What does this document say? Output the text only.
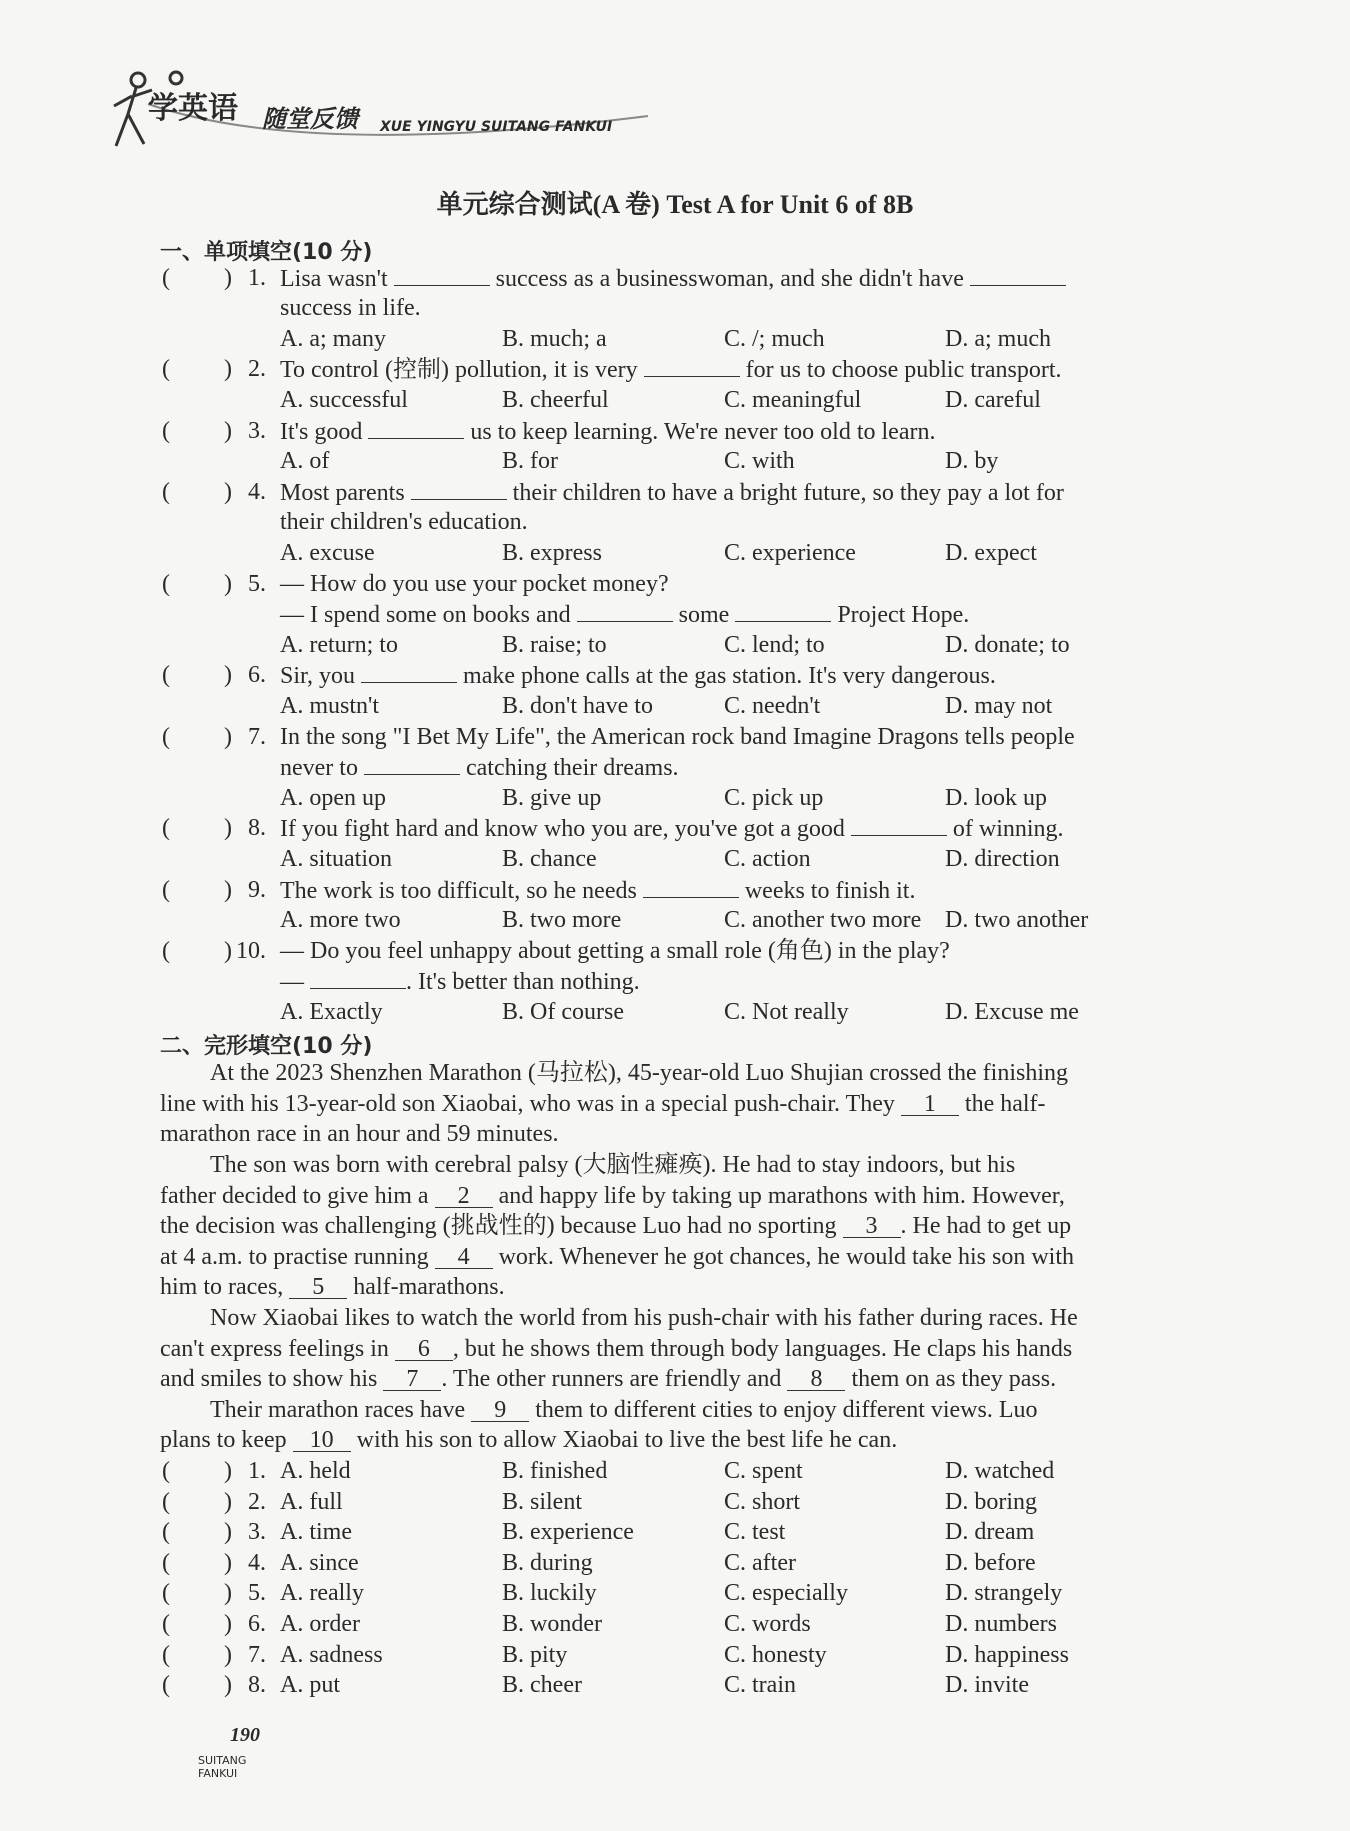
学英语 随堂反馈 XUE YINGYU SUITANG FANKUI
单元综合测试(A 卷) Test A for Unit 6 of 8B
一、单项填空(10 分)
( ) 1. Lisa wasn't	success as a businesswoman, and she didn't have
success in life.
A. a; many	B. much; a	C. /; much	D. a; much
( ) 2. To control (控制) pollution, it is very	for us to choose public transport.
A. successful	B. cheerful	C. meaningful	D. careful
( ) 3. It's good	us to keep learning. We're never too old to learn.
A. of	B. for	C. with	D. by
( ) 4. Most parents	their children to have a bright future, so they pay a lot for
their children's education.
A. excuse	B. express	C. experience	D. expect
( ) 5. — How do you use your pocket money?
— I spend some on books and	some	Project Hope.
A. return; to	B. raise; to	C. lend; to	D. donate; to
( ) 6. Sir, you	make phone calls at the gas station. It's very dangerous.
A. mustn't	B. don't have to	C. needn't	D. may not
( ) 7. In the song "I Bet My Life", the American rock band Imagine Dragons tells people
never to	catching their dreams.
A. open up	B. give up	C. pick up	D. look up
( ) 8. If you fight hard and know who you are, you've got a good	of winning.
A. situation	B. chance	C. action	D. direction
( ) 9. The work is too difficult, so he needs	weeks to finish it.
A. more two	B. two more	C. another two more D. two another
( ) 10. — Do you feel unhappy about getting a small role (角色) in the play?
—	. It's better than nothing.
A. Exactly	B. Of course	C. Not really	D. Excuse me
二、完形填空(10 分)
At the 2023 Shenzhen Marathon (马拉松), 45-year-old Luo Shujian crossed the finishing
line with his 13-year-old son Xiaobai, who was in a special push-chair. They 1 the half-
marathon race in an hour and 59 minutes.
The son was born with cerebral palsy (大脑性瘫痪). He had to stay indoors, but his
father decided to give him a 2 and happy life by taking up marathons with him. However,
the decision was challenging (挑战性的) because Luo had no sporting 3 . He had to get up
at 4 a.m. to practise running 4 work. Whenever he got chances, he would take his son with
him to races, 5 half-marathons.
Now Xiaobai likes to watch the world from his push-chair with his father during races. He
can't express feelings in 6 , but he shows them through body languages. He claps his hands
and smiles to show his 7 . The other runners are friendly and 8 them on as they pass.
Their marathon races have 9 them to different cities to enjoy different views. Luo
plans to keep 10 with his son to allow Xiaobai to live the best life he can.
( ) 1. A. held	B. finished	C. spent	D. watched
( ) 2. A. full	B. silent	C. short	D. boring
( ) 3. A. time	B. experience	C. test	D. dream
( ) 4. A. since	B. during	C. after	D. before
( ) 5. A. really	B. luckily	C. especially	D. strangely
( ) 6. A. order	B. wonder	C. words	D. numbers
( ) 7. A. sadness	B. pity	C. honesty	D. happiness
( ) 8. A. put	B. cheer	C. train	D. invite
190
SUITANG FANKUI
